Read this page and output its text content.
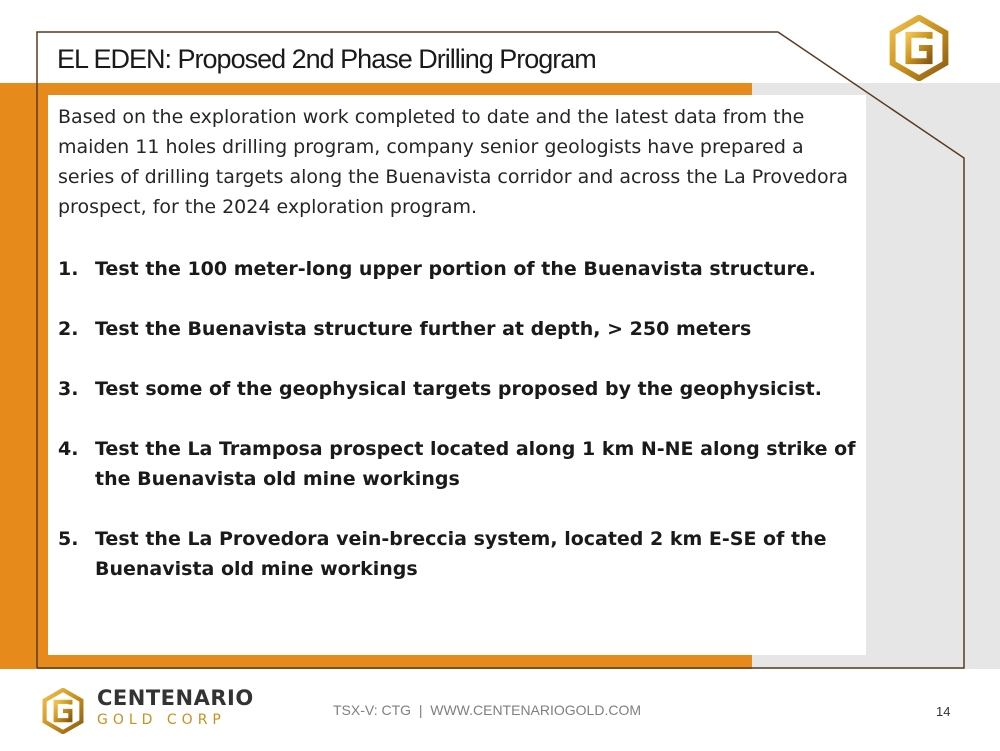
EL EDEN: Proposed 2nd Phase Drilling Program

Based on the exploration work completed to date and the latest data from the maiden 11 holes drilling program, company senior geologists have prepared a series of drilling targets along the Buenavista corridor and across the La Provedora prospect, for the 2024 exploration program.

1. Test the 100 meter-long upper portion of the Buenavista structure.
2. Test the Buenavista structure further at depth, > 250 meters
3. Test some of the geophysical targets proposed by the geophysicist.
4. Test the La Tramposa prospect located along 1 km N-NE along strike of the Buenavista old mine workings
5. Test the La Provedora vein-breccia system, located 2 km E-SE of the Buenavista old mine workings
CENTENARIO
GOLD CORP
TSX-V: CTG  |  WWW.CENTENARIOGOLD.COM	14
